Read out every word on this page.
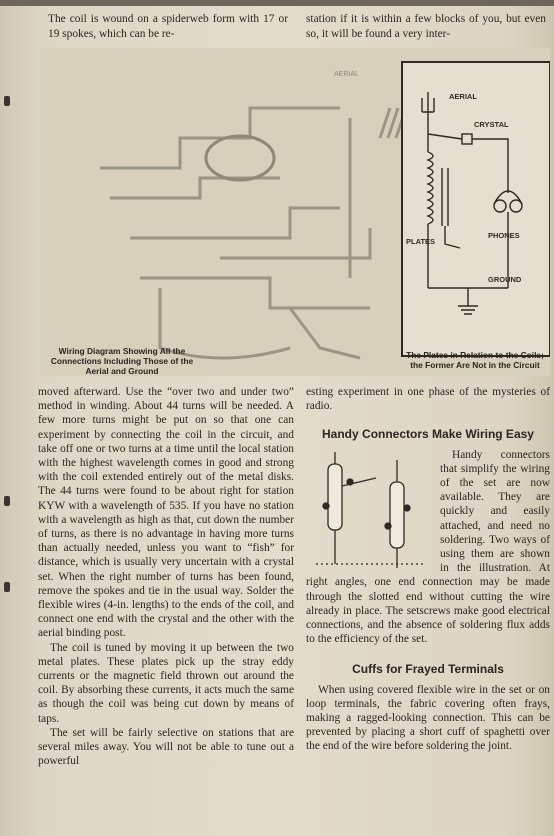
The coil is wound on a spiderweb form with 17 or 19 spokes, which can be re-
station if it is within a few blocks of you, but even so, it will be found a very inter-
AERIAL
AERIAL
CRYSTAL
PLATES
PHONES
GROUND
Wiring Diagram Showing All the Connections Including Those of the Aerial and Ground
The Plates in Relation to the Coils; the Former Are Not in the Circuit

moved afterward. Use the “over two and under two” method in winding. About 44 turns will be needed. A few more turns might be put on so that one can experiment by connecting the coil in the circuit, and take off one or two turns at a time until the local station with the highest wavelength comes in good and strong with the coil extended entirely out of the metal disks. The 44 turns were found to be about right for station KYW with a wavelength of 535. If you have no station with a wavelength as high as that, cut down the number of turns, as there is no advantage in having more turns than actually needed, unless you want to “fish” for distance, which is usually very uncertain with a crystal set. When the right number of turns has been found, remove the spokes and tie in the usual way. Solder the flexible wires (4-in. lengths) to the ends of the coil, and connect one end with the crystal and the other with the aerial binding post.

The coil is tuned by moving it up between the two metal plates. These plates pick up the stray eddy currents or the magnetic field thrown out around the coil. By absorbing these currents, it acts much the same as though the coil was being cut down by means of taps.

The set will be fairly selective on stations that are several miles away. You will not be able to tune out a powerful

esting experiment in one phase of the mysteries of radio.

Handy Connectors Make Wiring Easy

Handy connectors that simplify the wiring of the set are now available. They are quickly and easily attached, and need no soldering. Two ways of using them are shown in the illustration. At right angles, one end connection may be made through the slotted end without cutting the wire already in place. The setscrews make good electrical connections, and the absence of soldering flux adds to the efficiency of the set.

Cuffs for Frayed Terminals

When using covered flexible wire in the set or on loop terminals, the fabric covering often frays, making a ragged-looking connection. This can be prevented by placing a short cuff of spaghetti over the end of the wire before soldering the joint.
